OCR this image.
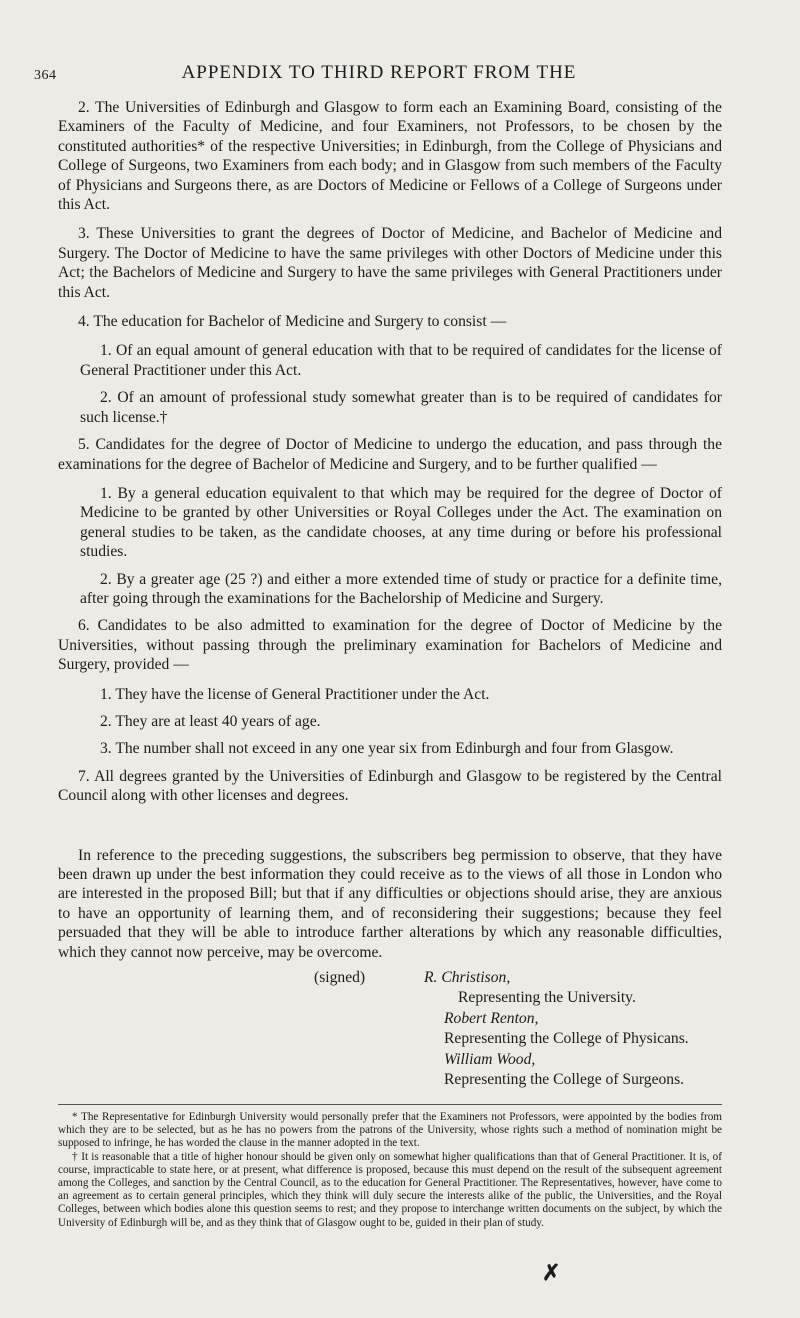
364	APPENDIX TO THIRD REPORT FROM THE

2. The Universities of Edinburgh and Glasgow to form each an Examining Board, consisting of the Examiners of the Faculty of Medicine, and four Examiners, not Professors, to be chosen by the constituted authorities* of the respective Universities; in Edinburgh, from the College of Physicians and College of Surgeons, two Examiners from each body; and in Glasgow from such members of the Faculty of Physicians and Surgeons there, as are Doctors of Medicine or Fellows of a College of Surgeons under this Act.

3. These Universities to grant the degrees of Doctor of Medicine, and Bachelor of Medicine and Surgery. The Doctor of Medicine to have the same privileges with other Doctors of Medicine under this Act; the Bachelors of Medicine and Surgery to have the same privileges with General Practitioners under this Act.

4. The education for Bachelor of Medicine and Surgery to consist —

1. Of an equal amount of general education with that to be required of candidates for the license of General Practitioner under this Act.

2. Of an amount of professional study somewhat greater than is to be required of candidates for such license.†

5. Candidates for the degree of Doctor of Medicine to undergo the education, and pass through the examinations for the degree of Bachelor of Medicine and Surgery, and to be further qualified —

1. By a general education equivalent to that which may be required for the degree of Doctor of Medicine to be granted by other Universities or Royal Colleges under the Act. The examination on general studies to be taken, as the candidate chooses, at any time during or before his professional studies.

2. By a greater age (25 ?) and either a more extended time of study or practice for a definite time, after going through the examinations for the Bachelorship of Medicine and Surgery.

6. Candidates to be also admitted to examination for the degree of Doctor of Medicine by the Universities, without passing through the preliminary examination for Bachelors of Medicine and Surgery, provided —

1. They have the license of General Practitioner under the Act.

2. They are at least 40 years of age.

3. The number shall not exceed in any one year six from Edinburgh and four from Glasgow.

7. All degrees granted by the Universities of Edinburgh and Glasgow to be registered by the Central Council along with other licenses and degrees.

In reference to the preceding suggestions, the subscribers beg permission to observe, that they have been drawn up under the best information they could receive as to the views of all those in London who are interested in the proposed Bill; but that if any difficulties or objections should arise, they are anxious to have an opportunity of learning them, and of reconsidering their suggestions; because they feel persuaded that they will be able to introduce farther alterations by which any reasonable difficulties, which they cannot now perceive, may be overcome.

(signed)	R. Christison,
Representing the University.
Robert Renton,
Representing the College of Physicans.
William Wood,
Representing the College of Surgeons.

* The Representative for Edinburgh University would personally prefer that the Examiners not Professors, were appointed by the bodies from which they are to be selected, but as he has no powers from the patrons of the University, whose rights such a method of nomination might be supposed to infringe, he has worded the clause in the manner adopted in the text.

† It is reasonable that a title of higher honour should be given only on somewhat higher qualifications than that of General Practitioner. It is, of course, impracticable to state here, or at present, what difference is proposed, because this must depend on the result of the subsequent agreement among the Colleges, and sanction by the Central Council, as to the education for General Practitioner. The Representatives, however, have come to an agreement as to certain general principles, which they think will duly secure the interests alike of the public, the Universities, and the Royal Colleges, between which bodies alone this question seems to rest; and they propose to interchange written documents on the subject, by which the University of Edinburgh will be, and as they think that of Glasgow ought to be, guided in their plan of study.

✗
